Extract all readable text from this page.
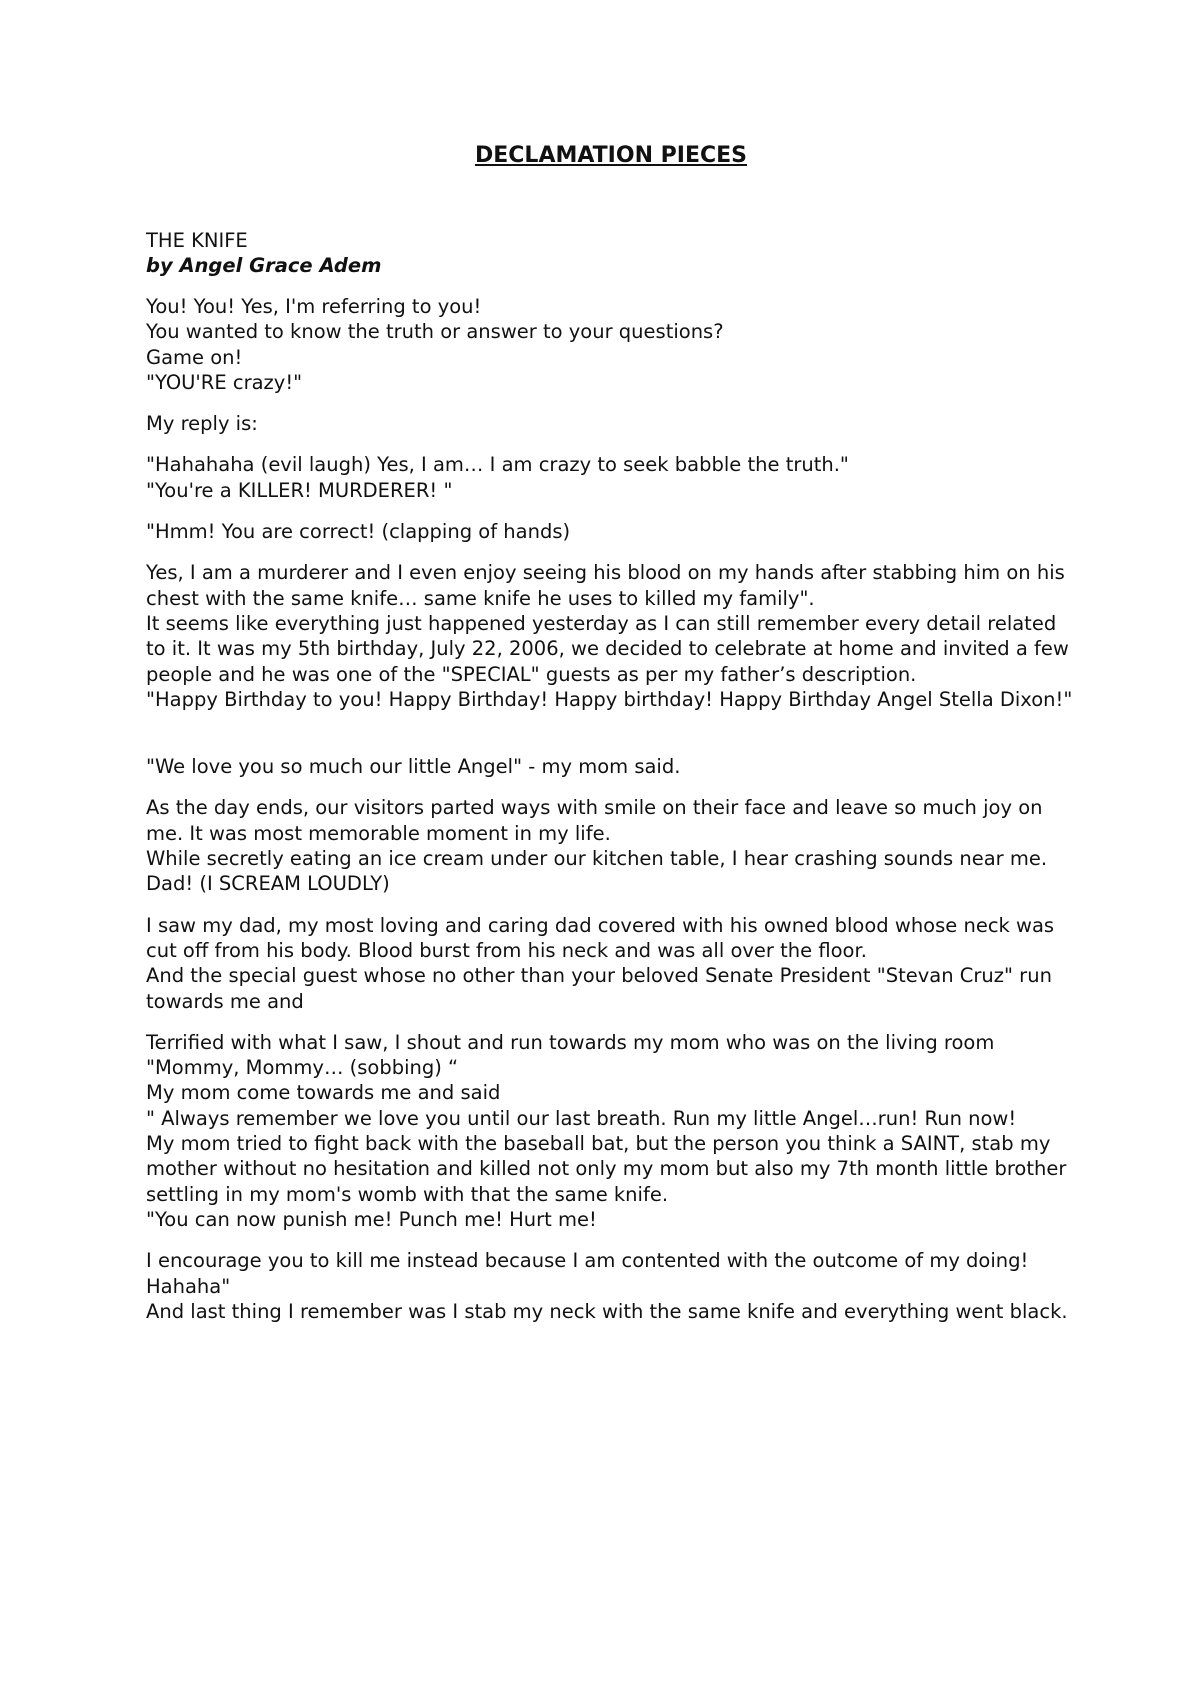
DECLAMATION PIECES
THE KNIFE
by Angel Grace Adem
You! You! Yes, I'm referring to you!
You wanted to know the truth or answer to your questions?
Game on!
"YOU'RE crazy!"
My reply is:
"Hahahaha (evil laugh) Yes, I am… I am crazy to seek babble the truth."
"You're a KILLER! MURDERER! "
"Hmm! You are correct! (clapping of hands)
Yes, I am a murderer and I even enjoy seeing his blood on my hands after stabbing him on his chest with the same knife… same knife he uses to killed my family".
It seems like everything just happened yesterday as I can still remember every detail related to it. It was my 5th birthday, July 22, 2006, we decided to celebrate at home and invited a few people and he was one of the "SPECIAL" guests as per my father’s description.
"Happy Birthday to you! Happy Birthday! Happy birthday! Happy Birthday Angel Stella Dixon!"
"We love you so much our little Angel" - my mom said.
As the day ends, our visitors parted ways with smile on their face and leave so much joy on me. It was most memorable moment in my life.
While secretly eating an ice cream under our kitchen table, I hear crashing sounds near me.
Dad! (I SCREAM LOUDLY)
I saw my dad, my most loving and caring dad covered with his owned blood whose neck was cut off from his body. Blood burst from his neck and was all over the floor.
And the special guest whose no other than your beloved Senate President "Stevan Cruz" run towards me and
Terrified with what I saw, I shout and run towards my mom who was on the living room
"Mommy, Mommy… (sobbing) “
My mom come towards me and said
" Always remember we love you until our last breath. Run my little Angel…run! Run now!
My mom tried to fight back with the baseball bat, but the person you think a SAINT, stab my mother without no hesitation and killed not only my mom but also my 7th month little brother settling in my mom's womb with that the same knife.
"You can now punish me! Punch me! Hurt me!
I encourage you to kill me instead because I am contented with the outcome of my doing! Hahaha"
And last thing I remember was I stab my neck with the same knife and everything went black.
